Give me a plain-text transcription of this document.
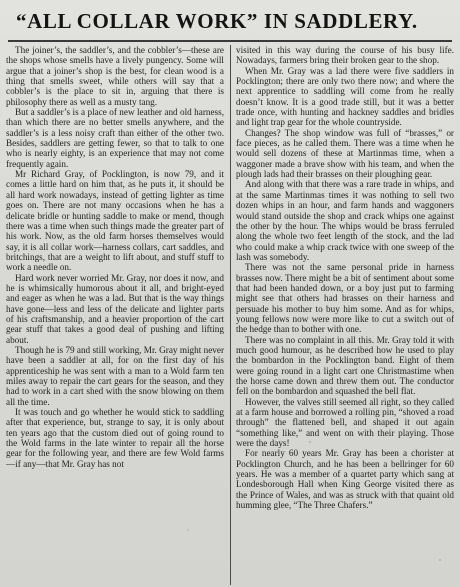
“ALL COLLAR WORK” IN SADDLERY.

The joiner’s, the saddler’s, and the cobbler’s—these are the shops whose smells have a lively pungency. Some will argue that a joiner’s shop is the best, for clean wood is a thing that smells sweet, while others will say that a cobbler’s is the place to sit in, arguing that there is philosophy there as well as a musty tang.

But a saddler’s is a place of new leather and old harness, than which there are no better smells anywhere, and the saddler’s is a less noisy craft than either of the other two. Besides, saddlers are getting fewer, so that to talk to one who is nearly eighty, is an experience that may not come frequently again.

Mr Richard Gray, of Pocklington, is now 79, and it comes a little hard on him that, as he puts it, it should be all hard work nowadays, instead of getting lighter as time goes on. There are not many occasions when he has a delicate bridle or hunting saddle to make or mend, though there was a time when such things made the greater part of his work. Now, as the old farm horses themselves would say, it is all collar work—harness collars, cart saddles, and britchings, that are a weight to lift about, and stuff stuff to work a needle on.

Hard work never worried Mr. Gray, nor does it now, and he is whimsically humorous about it all, and bright-eyed and eager as when he was a lad. But that is the way things have gone—less and less of the delicate and lighter parts of his craftsmanship, and a heavier proportion of the cart gear stuff that takes a good deal of pushing and lifting about.

Though he is 79 and still working, Mr. Gray might never have been a saddler at all, for on the first day of his apprenticeship he was sent with a man to a Wold farm ten miles away to repair the cart gears for the season, and they had to work in a cart shed with the snow blowing on them all the time.

It was touch and go whether he would stick to saddling after that experience, but, strange to say, it is only about ten years ago that the custom died out of going round to the Wold farms in the late winter to repair all the horse gear for the following year, and there are few Wold farms—if any—that Mr. Gray has not

visited in this way during the course of his busy life. Nowadays, farmers bring their broken gear to the shop.

When Mr. Gray was a lad there were five saddlers in Pocklington; there are only two there now; and where the next apprentice to saddling will come from he really doesn’t know. It is a good trade still, but it was a better trade once, with hunting and hackney saddles and bridles and light trap gear for the whole countryside.

Changes? The shop window was full of “brasses,” or face pieces, as he called them. There was a time when he would sell dozens of these at Martinmas time, when a waggoner made a brave show with his team, and when the plough lads had their brasses on their ploughing gear.

And along with that there was a rare trade in whips, and at the same Martinmas times it was nothing to sell two dozen whips in an hour, and farm hands and waggoners would stand outside the shop and crack whips one against the other by the hour. The whips would be brass ferruled along the whole two feet length of the stock, and the lad who could make a whip crack twice with one sweep of the lash was somebody.

There was not the same personal pride in harness brasses now. There might be a bit of sentiment about some that had been handed down, or a boy just put to farming might see that others had brasses on their harness and persuade his mother to buy him some. And as for whips, young fellows now were more like to cut a switch out of the hedge than to bother with one.

There was no complaint in all this. Mr. Gray told it with much good humour, as he described how he used to play the bombardon in the Pocklington band. Eight of them were going round in a light cart one Christmastime when the horse came down and threw them out. The conductor fell on the bombardon and squashed the bell flat.

However, the valves still seemed all right, so they called at a farm house and borrowed a rolling pin, “shoved a road through” the flattened bell, and shaped it out again “something like,” and went on with their playing. Those were the days!

For nearly 60 years Mr. Gray has been a chorister at Pocklington Church, and he has been a bellringer for 60 years. He was a member of a quartet party which sang at Londesborough Hall when King George visited there as the Prince of Wales, and was as struck with that quaint old humming glee, “The Three Chafers.”
